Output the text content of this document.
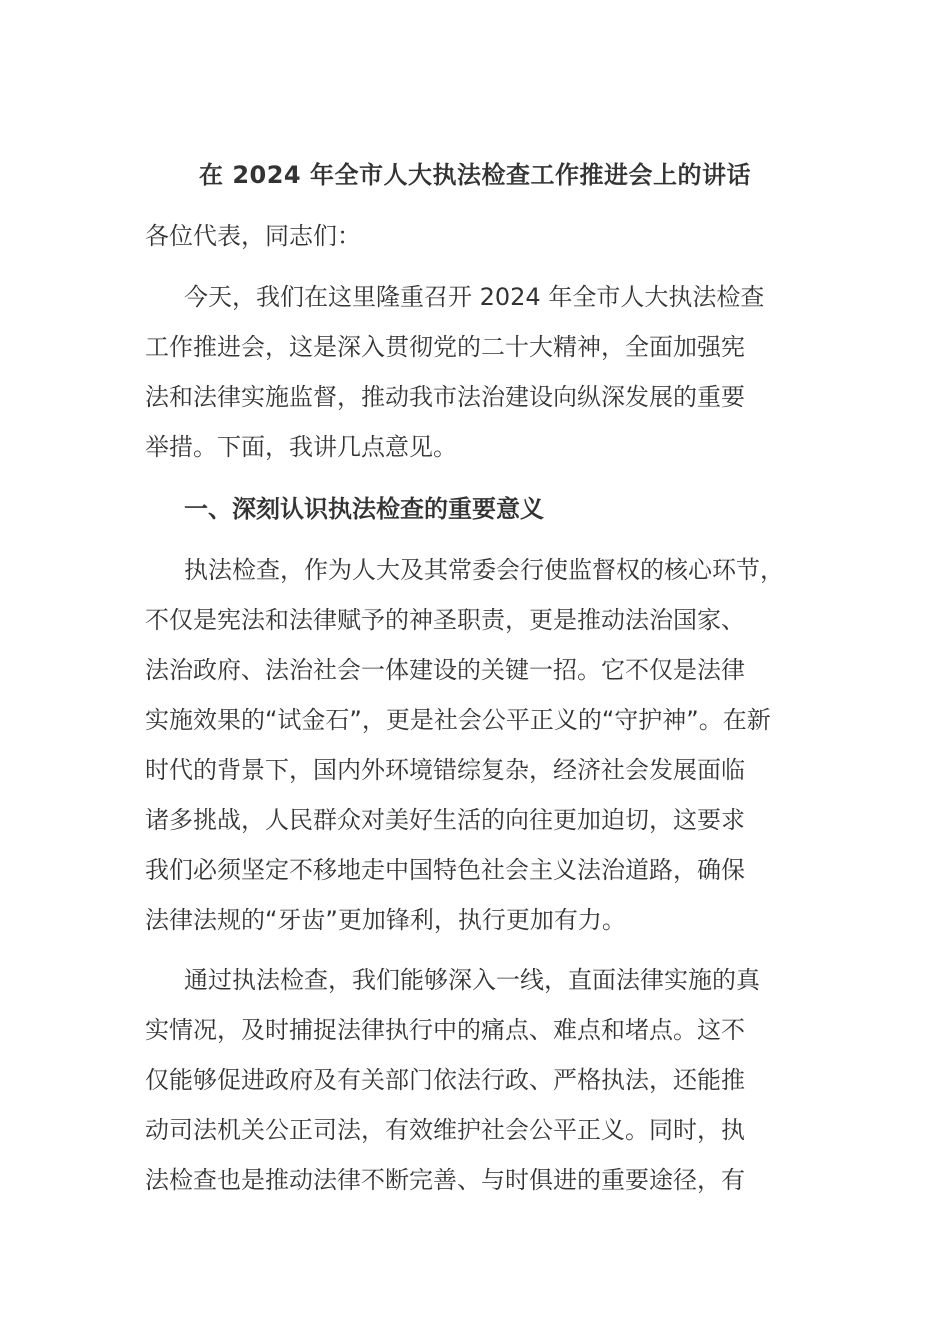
在 2024 年全市人大执法检查工作推进会上的讲话
各位代表，同志们：
今天，我们在这里隆重召开 2024 年全市人大执法检查
工作推进会，这是深入贯彻党的二十大精神，全面加强宪
法和法律实施监督，推动我市法治建设向纵深发展的重要
举措。下面，我讲几点意见。
一、深刻认识执法检查的重要意义
执法检查，作为人大及其常委会行使监督权的核心环节，
不仅是宪法和法律赋予的神圣职责，更是推动法治国家、
法治政府、法治社会一体建设的关键一招。它不仅是法律
实施效果的“试金石”，更是社会公平正义的“守护神”。在新
时代的背景下，国内外环境错综复杂，经济社会发展面临
诸多挑战，人民群众对美好生活的向往更加迫切，这要求
我们必须坚定不移地走中国特色社会主义法治道路，确保
法律法规的“牙齿”更加锋利，执行更加有力。
通过执法检查，我们能够深入一线，直面法律实施的真
实情况，及时捕捉法律执行中的痛点、难点和堵点。这不
仅能够促进政府及有关部门依法行政、严格执法，还能推
动司法机关公正司法，有效维护社会公平正义。同时，执
法检查也是推动法律不断完善、与时俱进的重要途径，有
